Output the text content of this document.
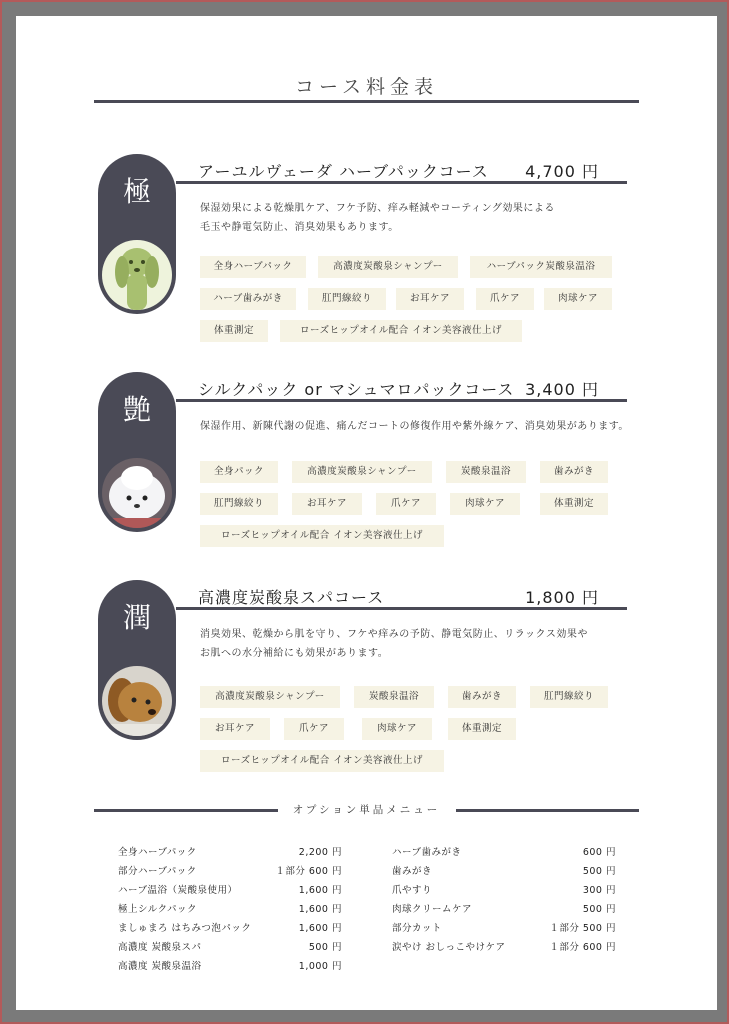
コース料金表
極
アーユルヴェーダ ハーブパックコース 4,700 円
保湿効果による乾燥肌ケア、フケ予防、痒み軽減やコーティング効果による
毛玉や静電気防止、消臭効果もあります。
全身ハーブパック	高濃度炭酸泉シャンプー	ハーブパック炭酸泉温浴
ハーブ歯みがき	肛門線絞り	お耳ケア	爪ケア	肉球ケア
体重測定	ローズヒップオイル配合 イオン美容液仕上げ
艶
シルクパック or マシュマロパックコース 3,400 円
保湿作用、新陳代謝の促進、痛んだコートの修復作用や紫外線ケア、消臭効果があります。
全身パック	高濃度炭酸泉シャンプー	炭酸泉温浴	歯みがき
肛門線絞り	お耳ケア	爪ケア	肉球ケア	体重測定
ローズヒップオイル配合 イオン美容液仕上げ
潤
高濃度炭酸泉スパコース	1,800 円
消臭効果、乾燥から肌を守り、フケや痒みの予防、静電気防止、リラックス効果や
お肌への水分補給にも効果があります。
高濃度炭酸泉シャンプー	炭酸泉温浴	歯みがき	肛門線絞り
お耳ケア	爪ケア	肉球ケア	体重測定
ローズヒップオイル配合 イオン美容液仕上げ
オプション単品メニュー
全身ハーブパック	2,200 円
部分ハーブパック	１部分 600 円
ハーブ温浴（炭酸泉使用）	1,600 円
極上シルクパック	1,600 円
ましゅまろ はちみつ泡パック	1,600 円
高濃度 炭酸泉スパ	500 円
高濃度 炭酸泉温浴	1,000 円
ハーブ歯みがき	600 円
歯みがき	500 円
爪やすり	300 円
肉球クリームケア	500 円
部分カット	１部分 500 円
涙やけ おしっこやけケア	１部分 600 円
